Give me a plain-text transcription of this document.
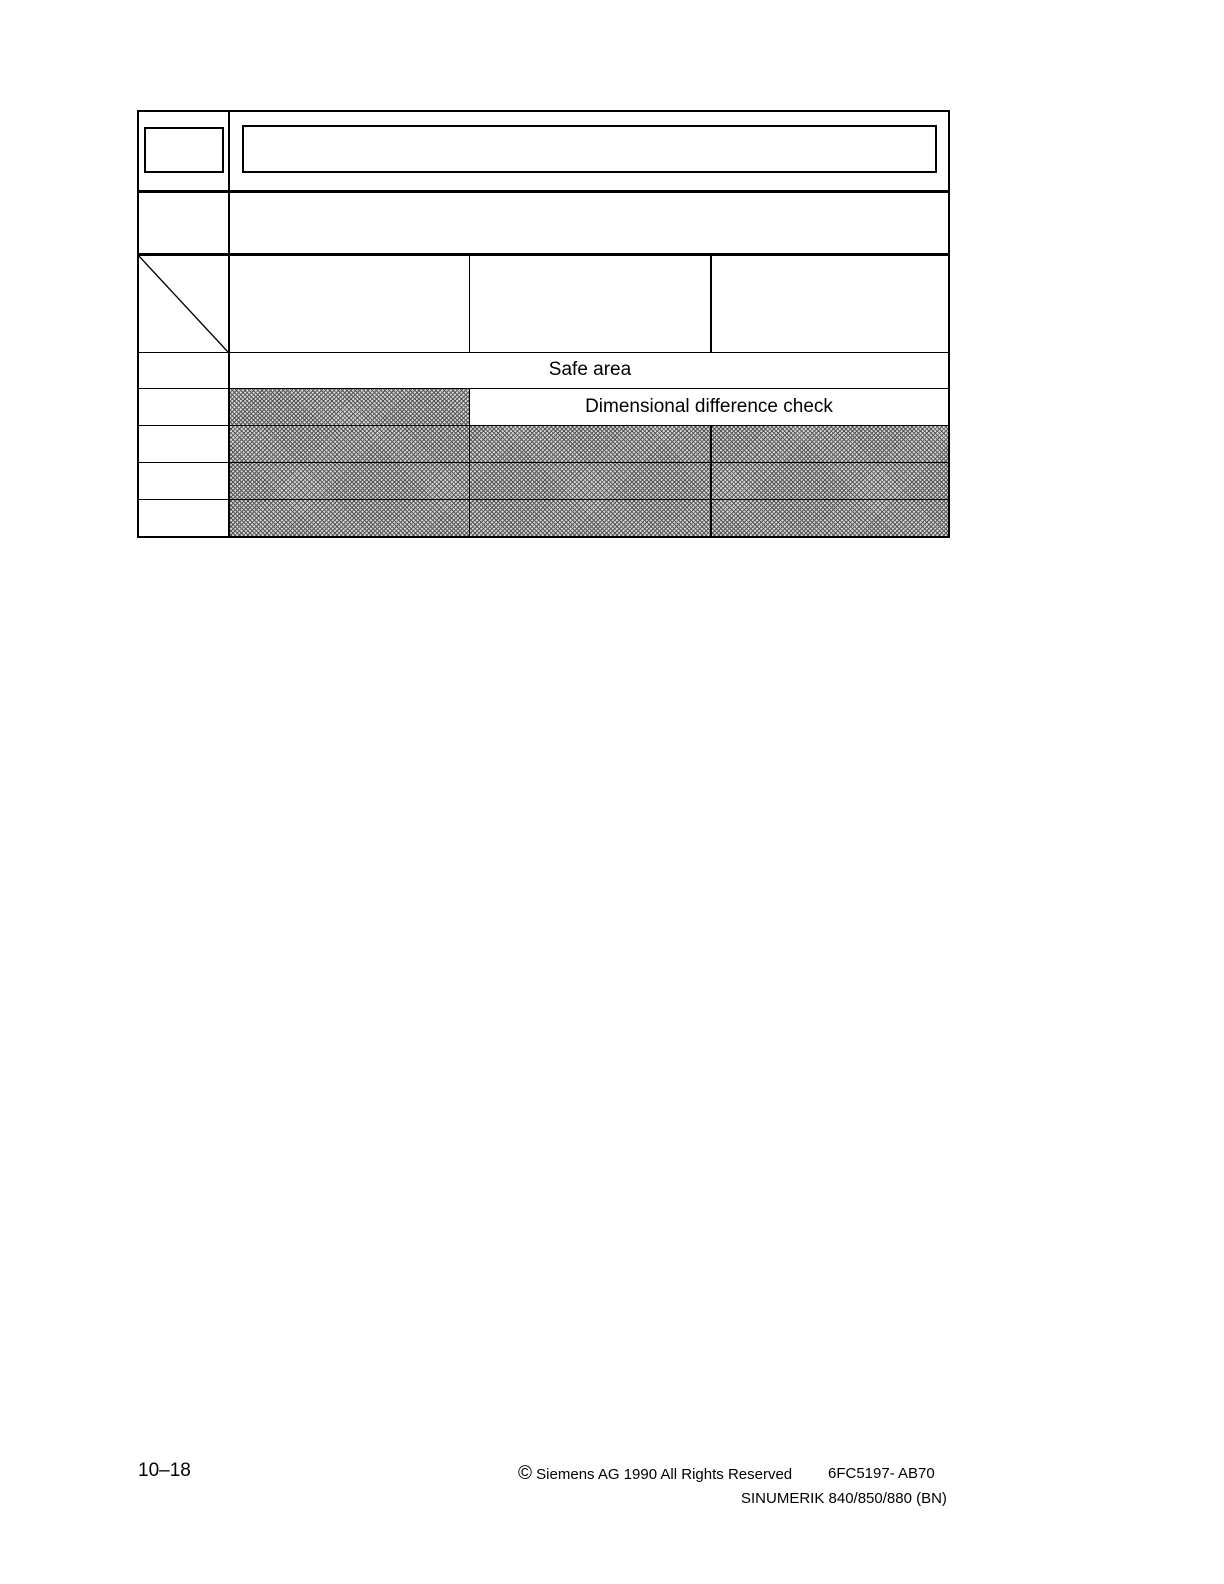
Safe area
Dimensional difference check
10–18	© Siemens AG 1990 All Rights Reserved 6FC5197- AB70
SINUMERIK 840/850/880 (BN)
